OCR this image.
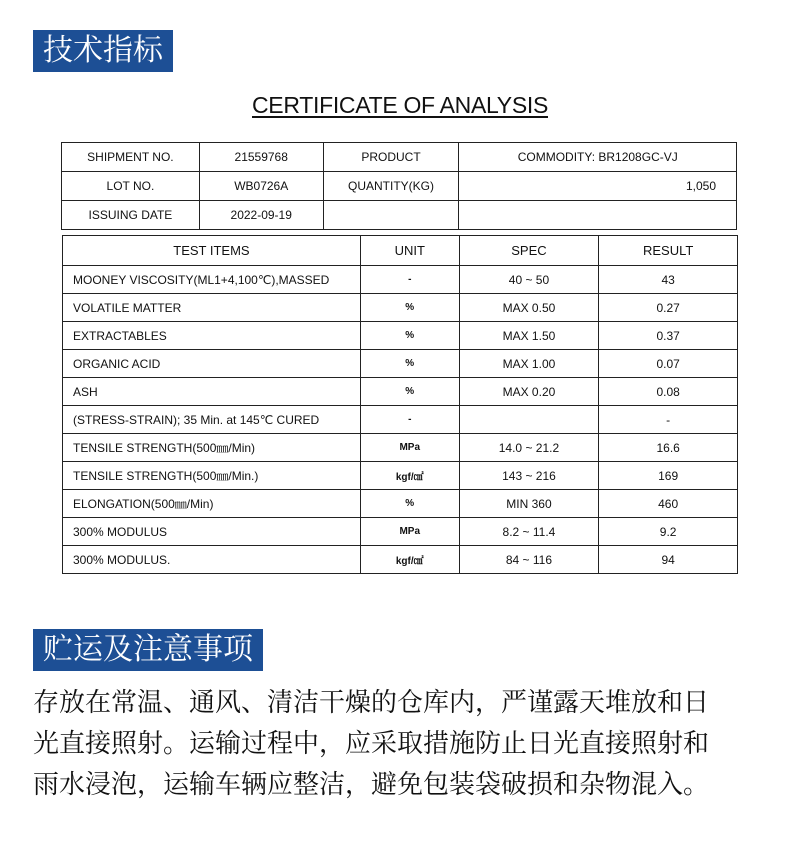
技术指标
CERTIFICATE OF ANALYSIS
SHIPMENT NO.	21559768	PRODUCT	COMMODITY: BR1208GC-VJ
LOT NO.	WB0726A	QUANTITY(KG)	1,050
ISSUING DATE	2022-09-19		
TEST ITEMS	UNIT	SPEC	RESULT
MOONEY VISCOSITY(ML1+4,100℃),MASSED	-	40 ~ 50	43
VOLATILE MATTER	%	MAX 0.50	0.27
EXTRACTABLES	%	MAX 1.50	0.37
ORGANIC ACID	%	MAX 1.00	0.07
ASH	%	MAX 0.20	0.08
(STRESS-STRAIN); 35 Min. at 145℃ CURED	-		-
TENSILE STRENGTH(500㎜/Min)	MPa	14.0 ~ 21.2	16.6
TENSILE STRENGTH(500㎜/Min.)	kgf/㎠	143 ~ 216	169
ELONGATION(500㎜/Min)	%	MIN 360	460
300% MODULUS	MPa	8.2 ~ 11.4	9.2
300% MODULUS.	kgf/㎠	84 ~ 116	94
贮运及注意事项
存放在常温、通风、清洁干燥的仓库内，严谨露天堆放和日光直接照射。运输过程中，应采取措施防止日光直接照射和雨水浸泡，运输车辆应整洁，避免包装袋破损和杂物混入。
